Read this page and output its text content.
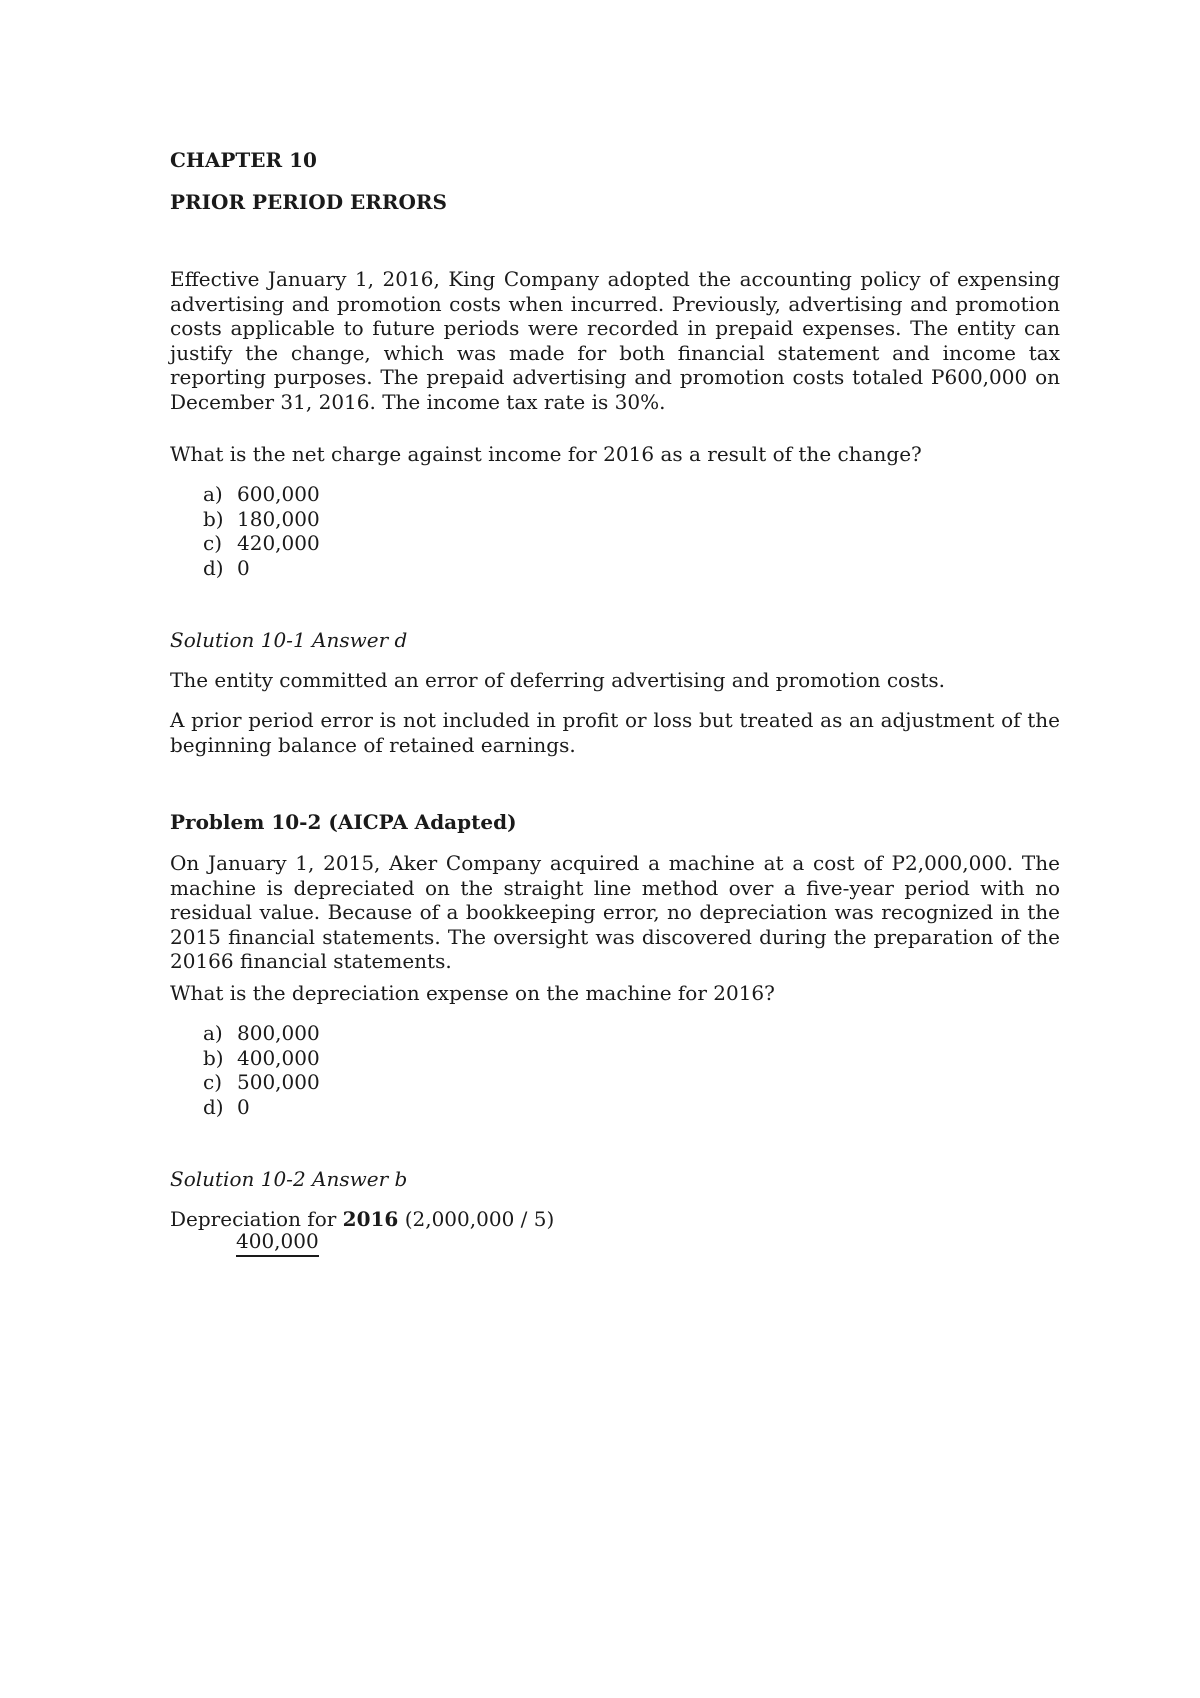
CHAPTER 10
PRIOR PERIOD ERRORS
Effective January 1, 2016, King Company adopted the accounting policy of expensing advertising and promotion costs when incurred. Previously, advertising and promotion costs applicable to future periods were recorded in prepaid expenses. The entity can justify the change, which was made for both financial statement and income tax reporting purposes. The prepaid advertising and promotion costs totaled P600,000 on December 31, 2016. The income tax rate is 30%.
What is the net charge against income for 2016 as a result of the change?
a) 600,000
b) 180,000
c) 420,000
d) 0
Solution 10-1 Answer d
The entity committed an error of deferring advertising and promotion costs.
A prior period error is not included in profit or loss but treated as an adjustment of the beginning balance of retained earnings.
Problem 10-2 (AICPA Adapted)
On January 1, 2015, Aker Company acquired a machine at a cost of P2,000,000. The machine is depreciated on the straight line method over a five-year period with no residual value. Because of a bookkeeping error, no depreciation was recognized in the 2015 financial statements. The oversight was discovered during the preparation of the 20166 financial statements.
What is the depreciation expense on the machine for 2016?
a) 800,000
b) 400,000
c) 500,000
d) 0
Solution 10-2 Answer b
Depreciation for 2016 (2,000,000 / 5)
400,000
